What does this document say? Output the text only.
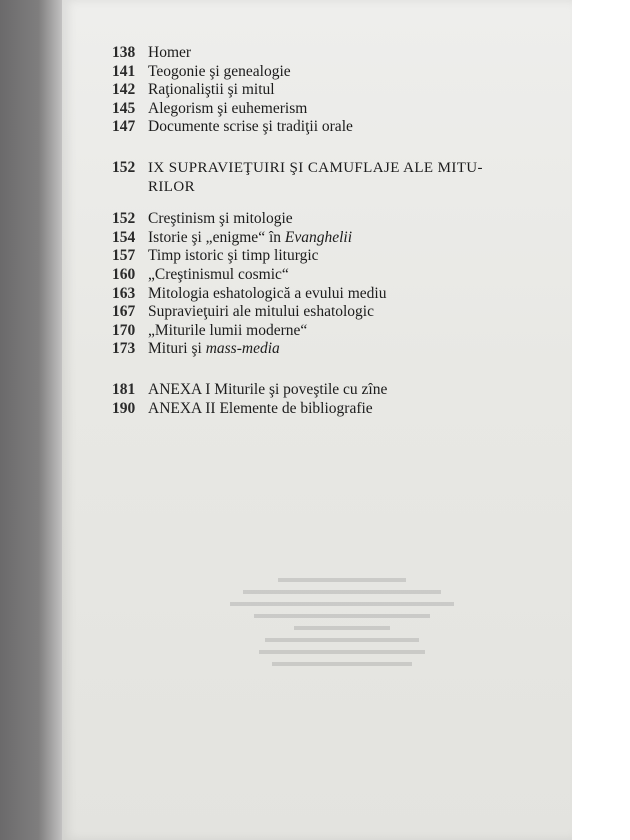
138 Homer
141 Teogonie şi genealogie
142 Raţionaliştii şi mitul
145 Alegorism şi euhemerism
147 Documente scrise şi tradiţii orale
152 IX SUPRAVIEŢUIRI ŞI CAMUFLAJE ALE MITU-
RILOR
152 Creştinism şi mitologie
154 Istorie şi „enigme“ în Evanghelii
157 Timp istoric şi timp liturgic
160 „Creştinismul cosmic“
163 Mitologia eshatologică a evului mediu
167 Supravieţuiri ale mitului eshatologic
170 „Miturile lumii moderne“
173 Mituri şi mass-media
181 ANEXA I Miturile şi poveştile cu zîne
190 ANEXA II Elemente de bibliografie
